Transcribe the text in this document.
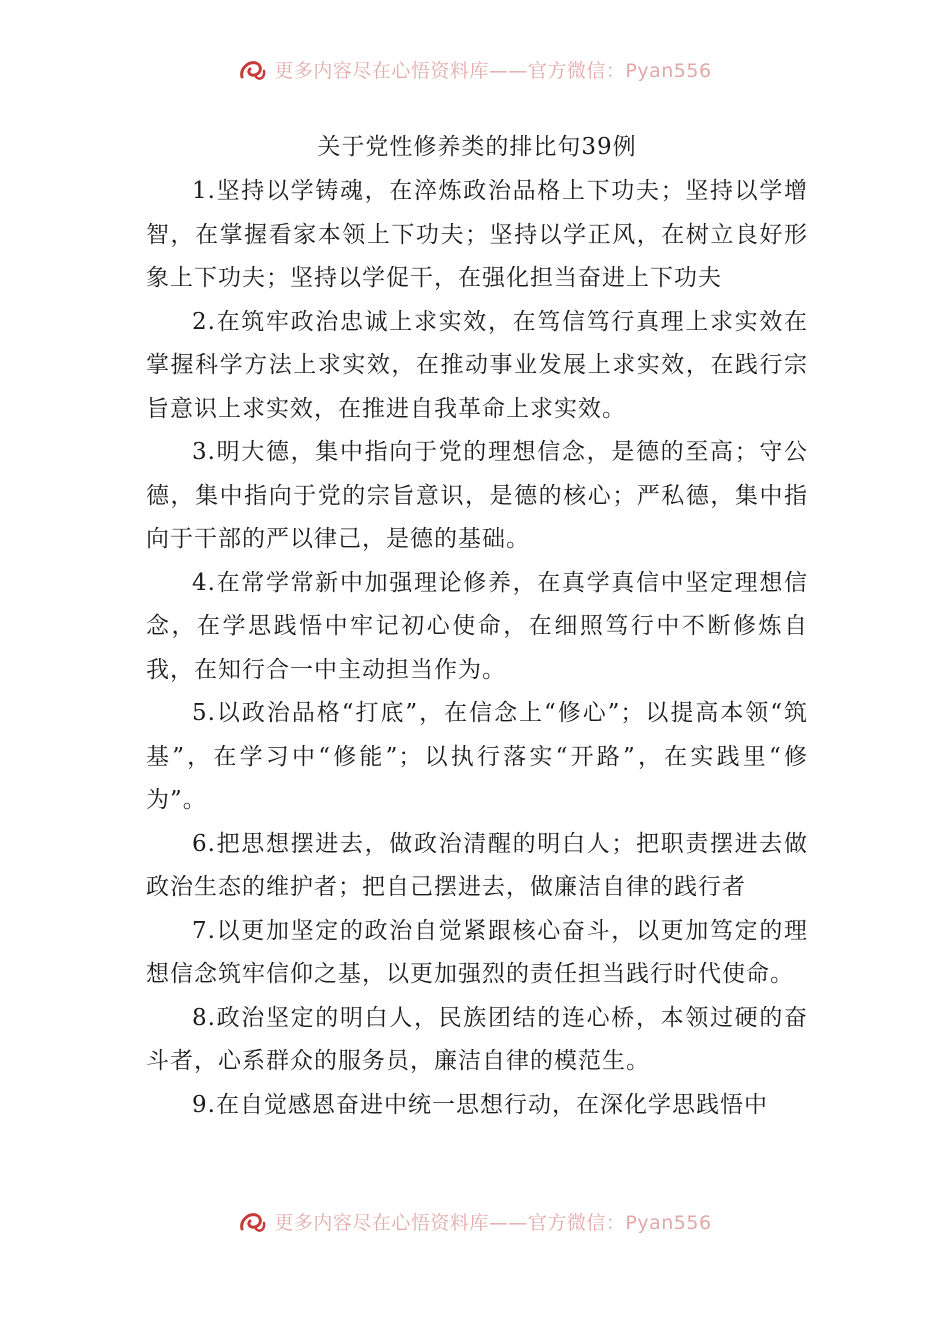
更多内容尽在心悟资料库——官方微信：Pyan556
关于党性修养类的排比句39例

1.坚持以学铸魂，在淬炼政治品格上下功夫；坚持以学增智，在掌握看家本领上下功夫；坚持以学正风，在树立良好形象上下功夫；坚持以学促干，在强化担当奋进上下功夫

2.在筑牢政治忠诚上求实效，在笃信笃行真理上求实效在掌握科学方法上求实效，在推动事业发展上求实效，在践行宗旨意识上求实效，在推进自我革命上求实效。

3.明大德，集中指向于党的理想信念，是德的至高；守公德，集中指向于党的宗旨意识，是德的核心；严私德，集中指向于干部的严以律己，是德的基础。

4.在常学常新中加强理论修养，在真学真信中坚定理想信念，在学思践悟中牢记初心使命，在细照笃行中不断修炼自我，在知行合一中主动担当作为。

5.以政治品格“打底”，在信念上“修心”；以提高本领“筑基”，在学习中“修能”；以执行落实“开路”，在实践里“修为”。

6.把思想摆进去，做政治清醒的明白人；把职责摆进去做政治生态的维护者；把自己摆进去，做廉洁自律的践行者

7.以更加坚定的政治自觉紧跟核心奋斗，以更加笃定的理想信念筑牢信仰之基，以更加强烈的责任担当践行时代使命。

8.政治坚定的明白人，民族团结的连心桥，本领过硬的奋斗者，心系群众的服务员，廉洁自律的模范生。

9.在自觉感恩奋进中统一思想行动，在深化学思践悟中

更多内容尽在心悟资料库——官方微信：Pyan556
